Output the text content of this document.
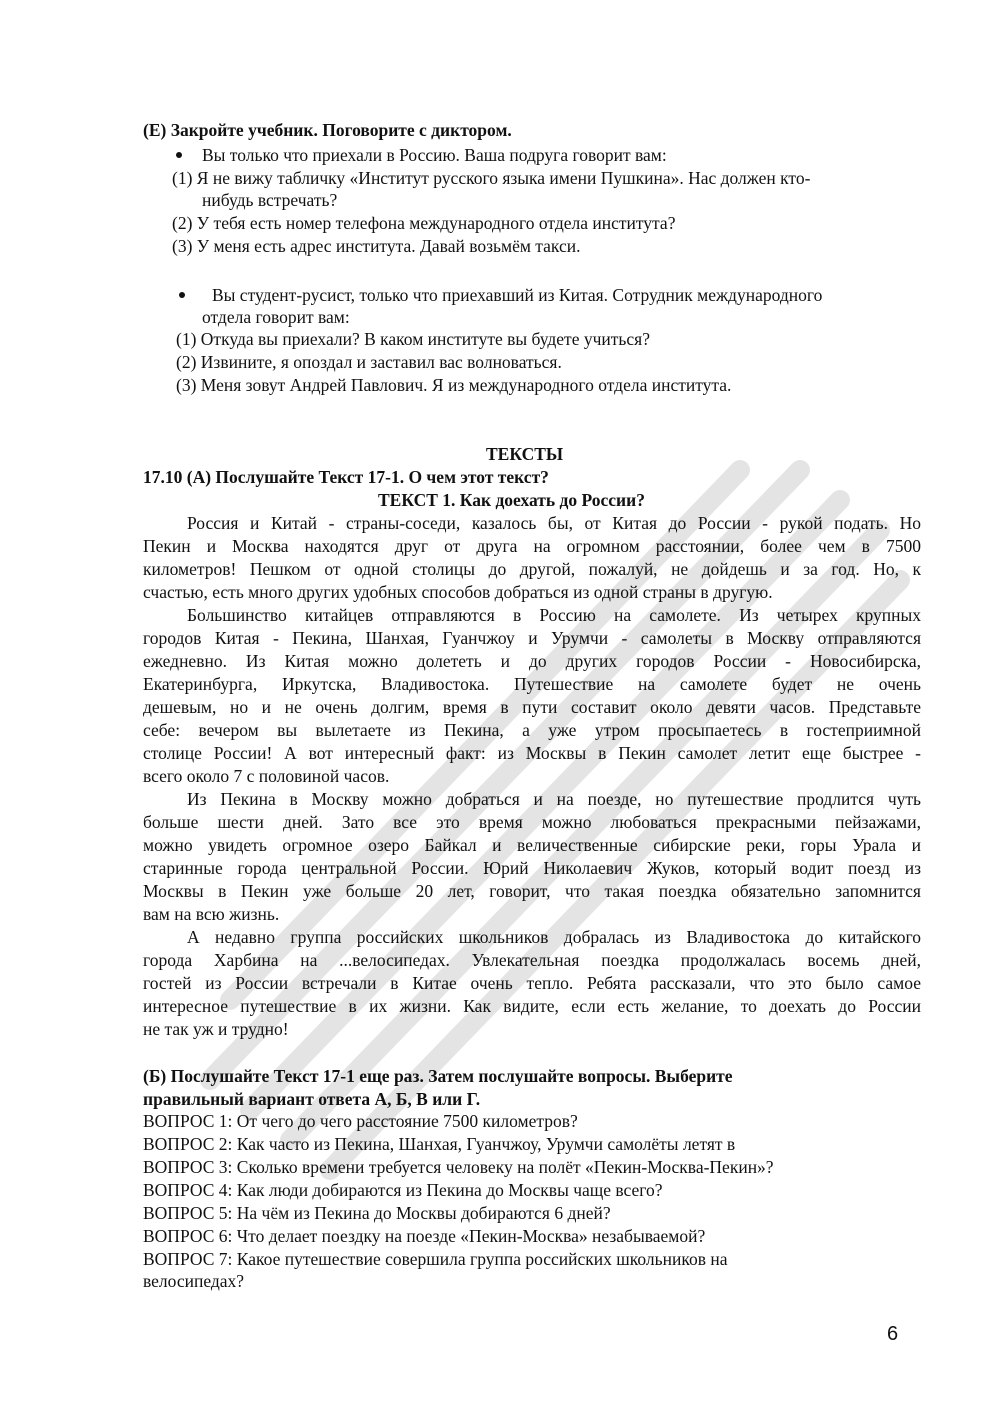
(Е) Закройте учебник. Поговорите с диктором.
Вы только что приехали в Россию. Ваша подруга говорит вам:
(1) Я не вижу табличку «Институт русского языка имени Пушкина». Нас должен кто-
нибудь встречать?
(2) У тебя есть номер телефона международного отдела института?
(3) У меня есть адрес института. Давай возьмём такси.
Вы студент-русист, только что приехавший из Китая. Сотрудник международного
отдела говорит вам:
(1) Откуда вы приехали? В каком институте вы будете учиться?
(2) Извините, я опоздал и заставил вас волноваться.
(3) Меня зовут Андрей Павлович. Я из международного отдела института.
ТЕКСТЫ
17.10 (А) Послушайте Текст 17-1. О чем этот текст?
ТЕКСТ 1. Как доехать до России?
Россия и Китай - страны-соседи, казалось бы, от Китая до России - рукой подать. Но
Пекин и Москва находятся друг от друга на огромном расстоянии, более чем в 7500
километров! Пешком от одной столицы до другой, пожалуй, не дойдешь и за год. Но, к
счастью, есть много других удобных способов добраться из одной страны в другую.
Большинство китайцев отправляются в Россию на самолете. Из четырех крупных
городов Китая - Пекина, Шанхая, Гуанчжоу и Урумчи - самолеты в Москву отправляются
ежедневно. Из Китая можно долететь и до других городов России - Новосибирска,
Екатеринбурга, Иркутска, Владивостока. Путешествие на самолете будет не очень
дешевым, но и не очень долгим, время в пути составит около девяти часов. Представьте
себе: вечером вы вылетаете из Пекина, а уже утром просыпаетесь в гостеприимной
столице России! А вот интересный факт: из Москвы в Пекин самолет летит еще быстрее -
всего около 7 с половиной часов.
Из Пекина в Москву можно добраться и на поезде, но путешествие продлится чуть
больше шести дней. Зато все это время можно любоваться прекрасными пейзажами,
можно увидеть огромное озеро Байкал и величественные сибирские реки, горы Урала и
старинные города центральной России. Юрий Николаевич Жуков, который водит поезд из
Москвы в Пекин уже больше 20 лет, говорит, что такая поездка обязательно запомнится
вам на всю жизнь.
А недавно группа российских школьников добралась из Владивостока до китайского
города Харбина на ...велосипедах. Увлекательная поездка продолжалась восемь дней,
гостей из России встречали в Китае очень тепло. Ребята рассказали, что это было самое
интересное путешествие в их жизни. Как видите, если есть желание, то доехать до России
не так уж и трудно!
(Б) Послушайте Текст 17-1 еще раз. Затем послушайте вопросы. Выберите
правильный вариант ответа А, Б, В или Г.
ВОПРОС 1: От чего до чего расстояние 7500 километров?
ВОПРОС 2: Как часто из Пекина, Шанхая, Гуанчжоу, Урумчи самолёты летят в
ВОПРОС 3: Сколько времени требуется человеку на полёт «Пекин-Москва-Пекин»?
ВОПРОС 4: Как люди добираются из Пекина до Москвы чаще всего?
ВОПРОС 5: На чём из Пекина до Москвы добираются 6 дней?
ВОПРОС 6: Что делает поездку на поезде «Пекин-Москва» незабываемой?
ВОПРОС 7: Какое путешествие совершила группа российских школьников на
велосипедах?
6
